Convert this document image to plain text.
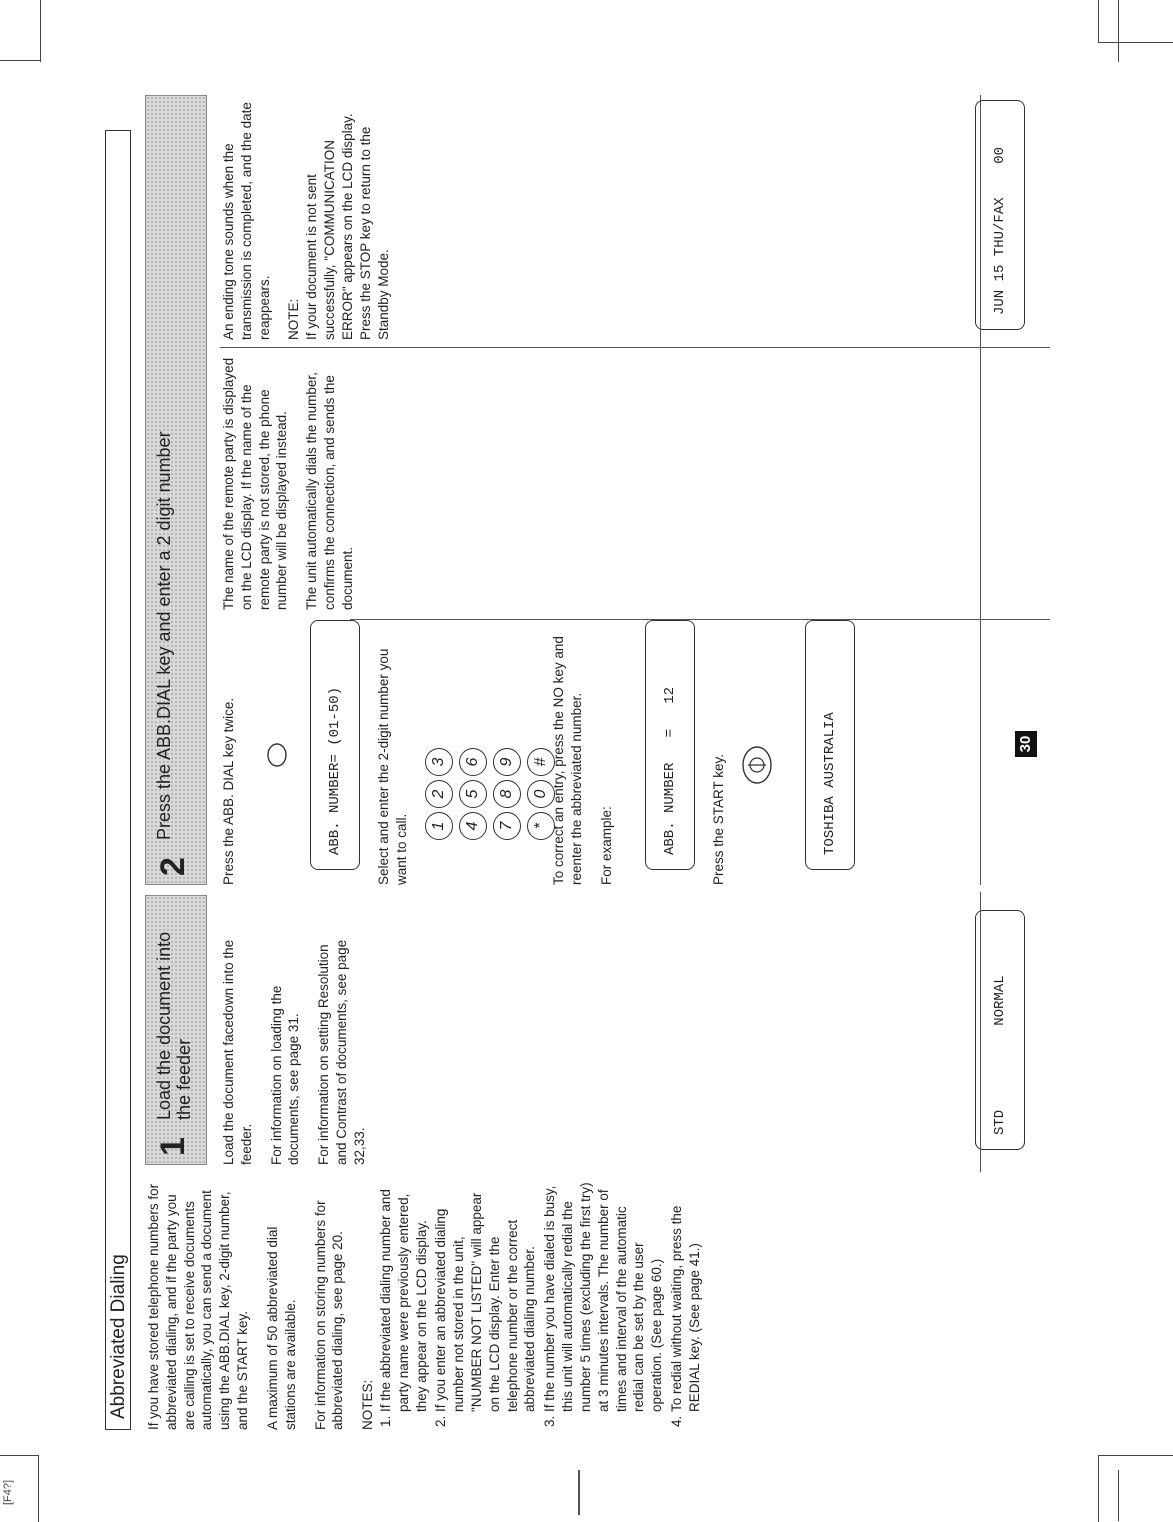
[F4?]
Abbreviated Dialing If you have stored telephone numbers for abbreviated dialing, and if the party you are calling is set to receive documents automatically, you can send a document using the ABB.DIAL key, 2-digit number, and the START key. A maximum of 50 abbreviated dial stations are available. For information on storing numbers for abbreviated dialing, see page 20. NOTES: 1. If the abbreviated dialing number and party name were previously entered, they appear on the LCD display. 2. If you enter an abbreviated dialing number not stored in the unit, "NUMBER NOT LISTED" will appear on the LCD display. Enter the telephone number or the correct abbreviated dialing number. 3. If the number you have dialed is busy, this unit will automatically redial the number 5 times (excluding the first try) at 3 minutes intervals. The number of times and interval of the automatic redial can be set by the user operation. (See page 60.) 4. To redial without waiting, press the REDIAL key. (See page 41.)
1
Load the document into the feeder	Load the document facedown into the feeder. For information on loading the documents, see page 31. For information on setting Resolution and Contrast of documents, see page 32,33.

STD          NORMAL
2
Press the ABB.DIAL key and enter a 2 digit number	Press the ABB. DIAL key twice.	ABB. NUMBER= (01-50)	Select and enter the 2-digit number you want to call.	123 456 789 *0# To correct an entry, press the NO key and reenter the abbreviated number. For example:	ABB. NUMBER   =   12	Press the START key.	TOSHIBA AUSTRALIA

The name of the remote party is displayed on the LCD display. If the name of the remote party is not stored, the phone number will be displayed instead. The unit automatically dials the number, confirms the connection, and sends the document.

An ending tone sounds when the transmission is completed, and the date reappears. NOTE: If your document is not sent successfully, "COMMUNICATION ERROR" appears on the LCD display. Press the STOP key to return to the Standby Mode.	JUN 15 THU/FAX    00
30
